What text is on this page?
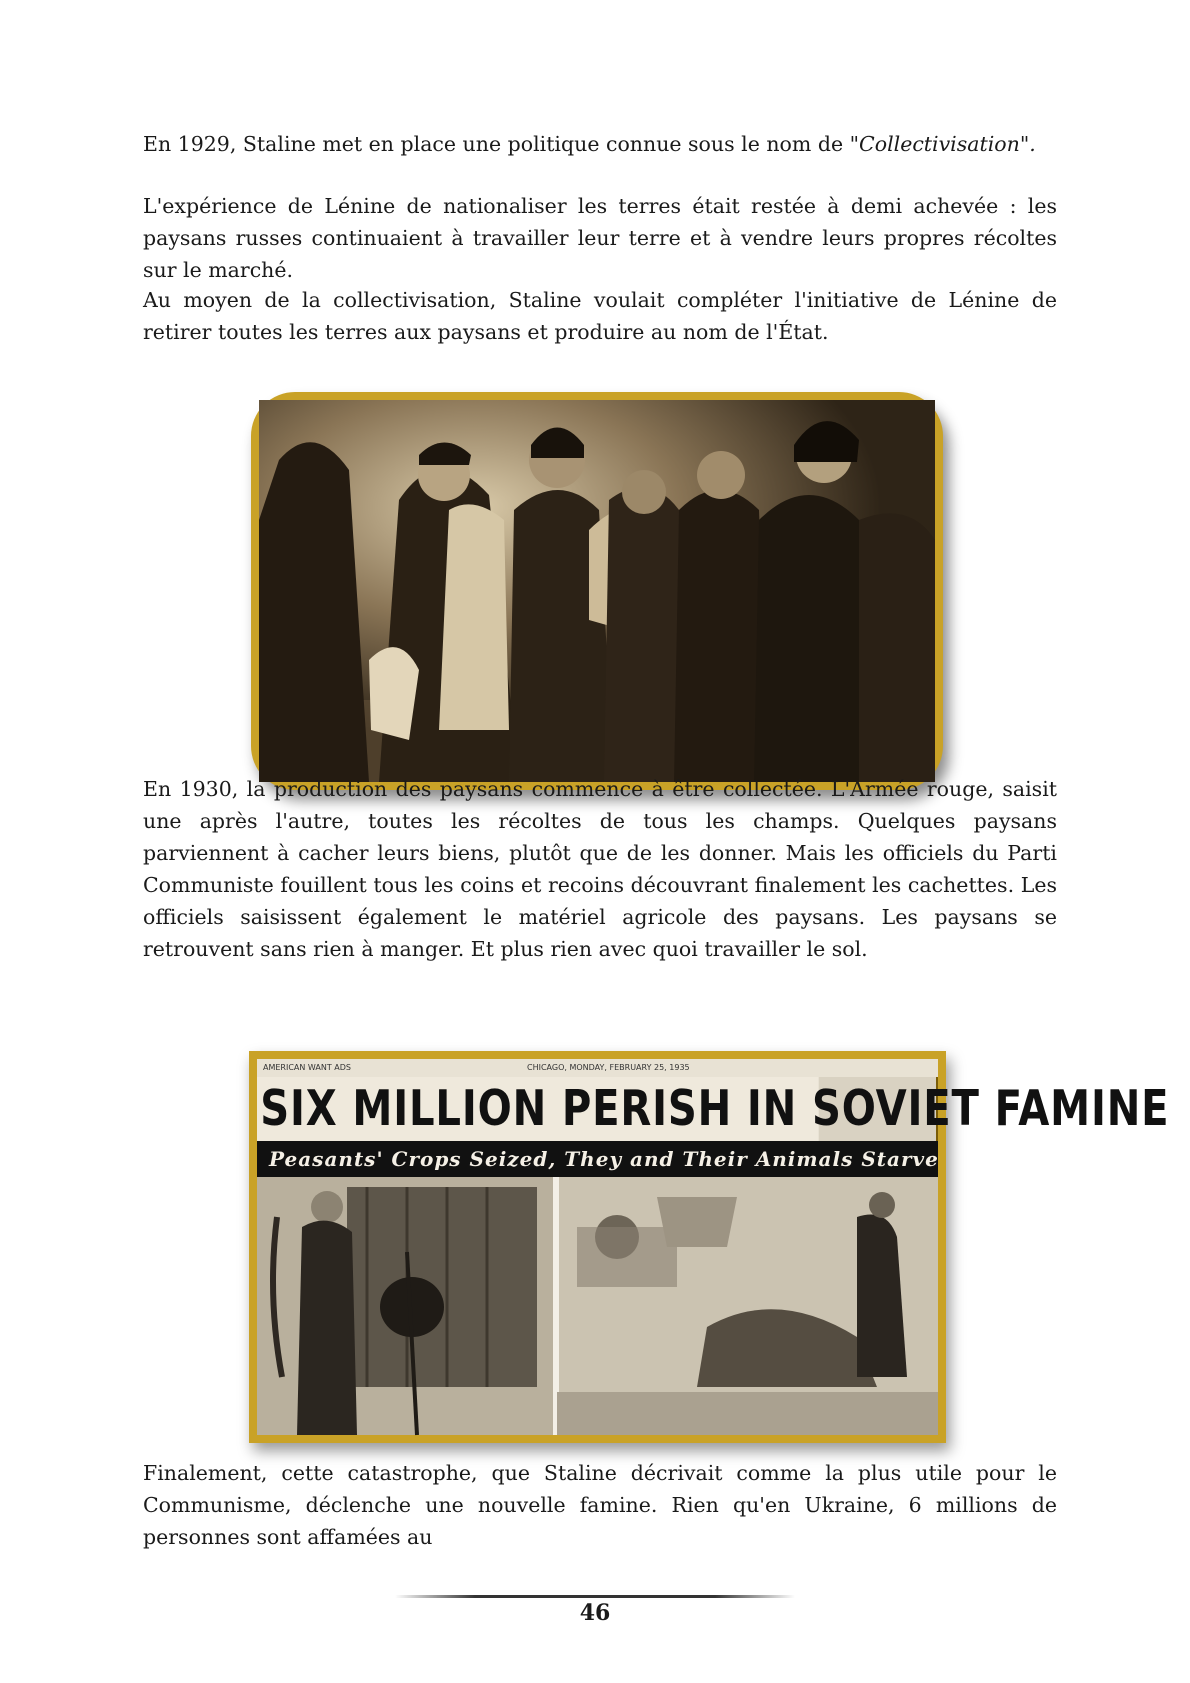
En 1929, Staline met en place une politique connue sous le nom de "Collectivisation".

L'expérience de Lénine de nationaliser les terres était restée à demi achevée : les paysans russes continuaient à travailler leur terre et à vendre leurs propres récoltes sur le marché.

Au moyen de la collectivisation, Staline voulait compléter l'initiative de Lénine de retirer toutes les terres aux paysans et produire au nom de l'État.

En 1930, la production des paysans commence à être collectée. L'Armée rouge, saisit une après l'autre, toutes les récoltes de tous les champs. Quelques paysans parviennent à cacher leurs biens, plutôt que de les donner. Mais les officiels du Parti Communiste fouillent tous les coins et recoins découvrant finalement les cachettes. Les officiels saisissent également le matériel agricole des paysans. Les paysans se retrouvent sans rien à manger. Et plus rien avec quoi travailler le sol.

AMERICAN WANT ADS	CHICAGO, MONDAY, FEBRUARY 25, 1935
SIX MILLION PERISH IN SOVIET FAMINE
Peasants' Crops Seized, They and Their Animals Starve

Finalement, cette catastrophe, que Staline décrivait comme la plus utile pour le Communisme, déclenche une nouvelle famine. Rien qu'en Ukraine, 6 millions de personnes sont affamées au

46
